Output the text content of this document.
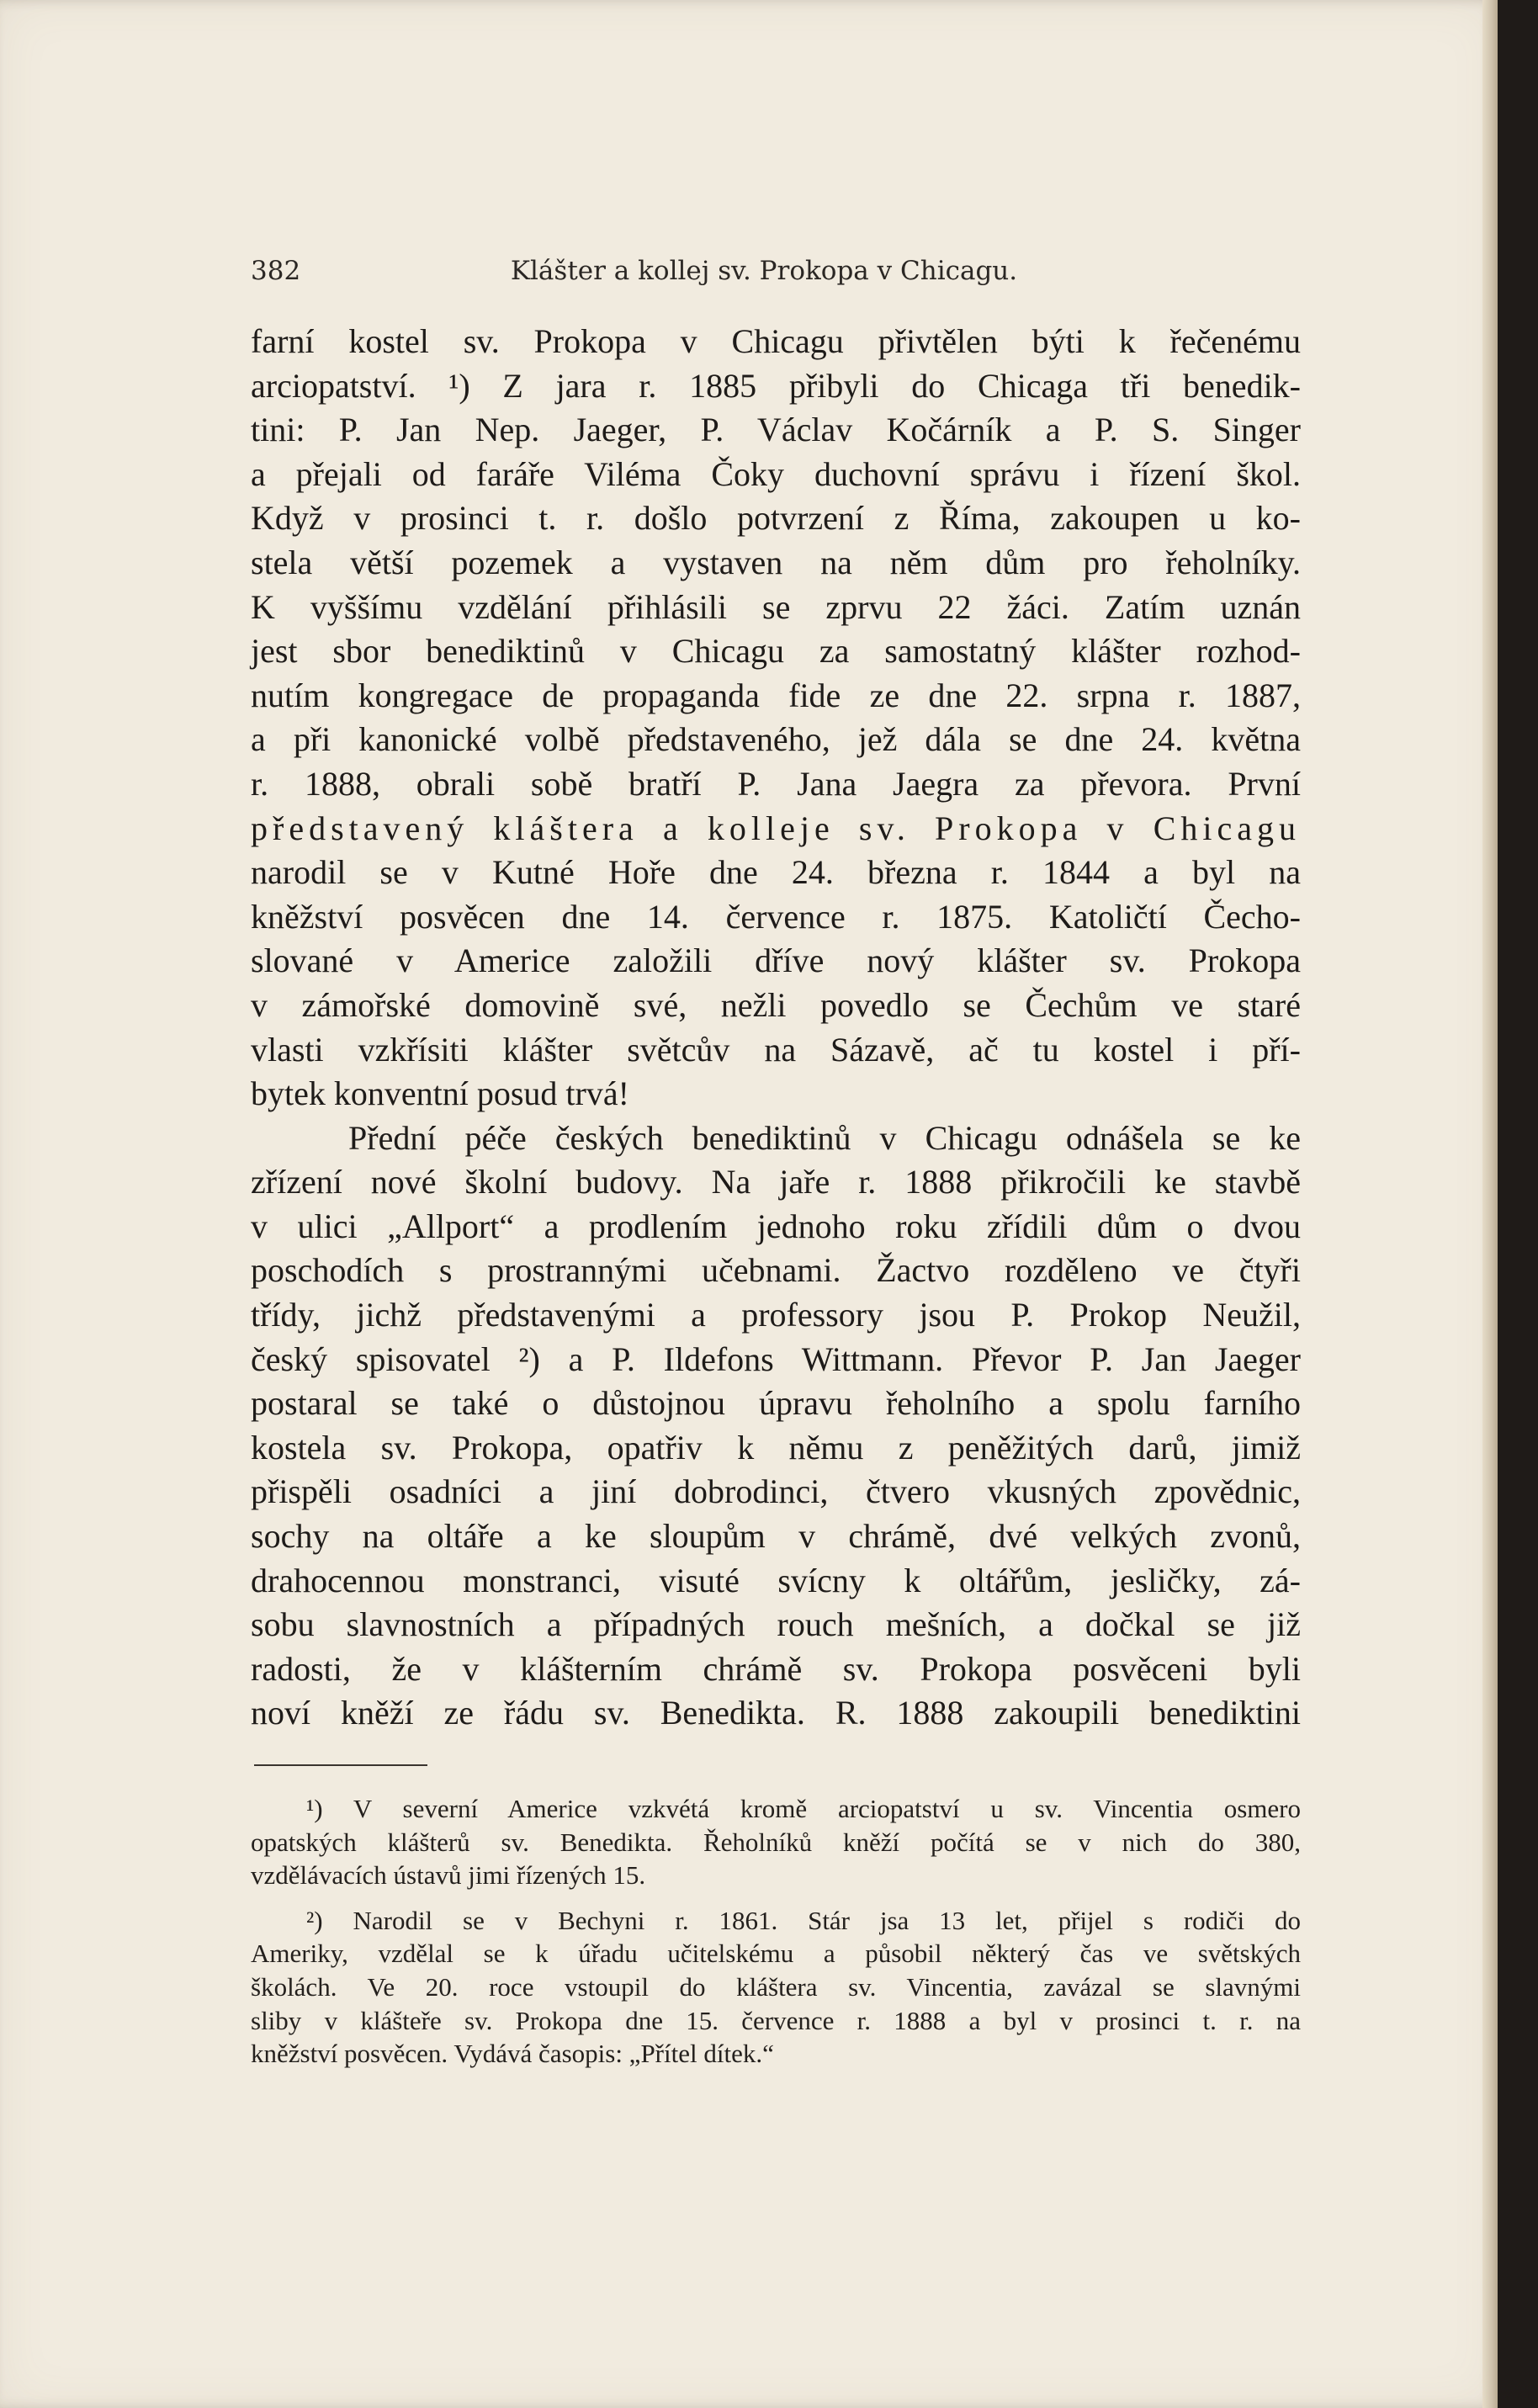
382	Klášter a kollej sv. Prokopa v Chicagu.
farní kostel sv. Prokopa v Chicagu přivtělen býti k řečenému
arciopatství. ¹) Z jara r. 1885 přibyli do Chicaga tři benedik-
tini: P. Jan Nep. Jaeger, P. Václav Kočárník a P. S. Singer
a přejali od faráře Viléma Čoky duchovní správu i řízení škol.
Když v prosinci t. r. došlo potvrzení z Říma, zakoupen u ko-
stela větší pozemek a vystaven na něm dům pro řeholníky.
K vyššímu vzdělání přihlásili se zprvu 22 žáci. Zatím uznán
jest sbor benediktinů v Chicagu za samostatný klášter rozhod-
nutím kongregace de propaganda fide ze dne 22. srpna r. 1887,
a při kanonické volbě představeného, jež dála se dne 24. května
r. 1888, obrali sobě bratří P. Jana Jaegra za převora. První
představený kláštera a kolleje sv. Prokopa v Chicagu
narodil se v Kutné Hoře dne 24. března r. 1844 a byl na
kněžství posvěcen dne 14. července r. 1875. Katoličtí Čecho-
slované v Americe založili dříve nový klášter sv. Prokopa
v zámořské domovině své, nežli povedlo se Čechům ve staré
vlasti vzkřísiti klášter světcův na Sázavě, ač tu kostel i pří-
bytek konventní posud trvá!
Přední péče českých benediktinů v Chicagu odnášela se ke
zřízení nové školní budovy. Na jaře r. 1888 přikročili ke stavbě
v ulici „Allport“ a prodlením jednoho roku zřídili dům o dvou
poschodích s prostrannými učebnami. Žactvo rozděleno ve čtyři
třídy, jichž představenými a professory jsou P. Prokop Neužil,
český spisovatel ²) a P. Ildefons Wittmann. Převor P. Jan Jaeger
postaral se také o důstojnou úpravu řeholního a spolu farního
kostela sv. Prokopa, opatřiv k němu z peněžitých darů, jimiž
přispěli osadníci a jiní dobrodinci, čtvero vkusných zpovědnic,
sochy na oltáře a ke sloupům v chrámě, dvé velkých zvonů,
drahocennou monstranci, visuté svícny k oltářům, jesličky, zá-
sobu slavnostních a případných rouch mešních, a dočkal se již
radosti, že v klášterním chrámě sv. Prokopa posvěceni byli
noví kněží ze řádu sv. Benedikta. R. 1888 zakoupili benediktini
¹) V severní Americe vzkvétá kromě arciopatství u sv. Vincentia osmero
opatských klášterů sv. Benedikta. Řeholníků kněží počítá se v nich do 380,
vzdělávacích ústavů jimi řízených 15.
²) Narodil se v Bechyni r. 1861. Stár jsa 13 let, přijel s rodiči do
Ameriky, vzdělal se k úřadu učitelskému a působil některý čas ve světských
školách. Ve 20. roce vstoupil do kláštera sv. Vincentia, zavázal se slavnými
sliby v klášteře sv. Prokopa dne 15. července r. 1888 a byl v prosinci t. r. na
kněžství posvěcen. Vydává časopis: „Přítel dítek.“
